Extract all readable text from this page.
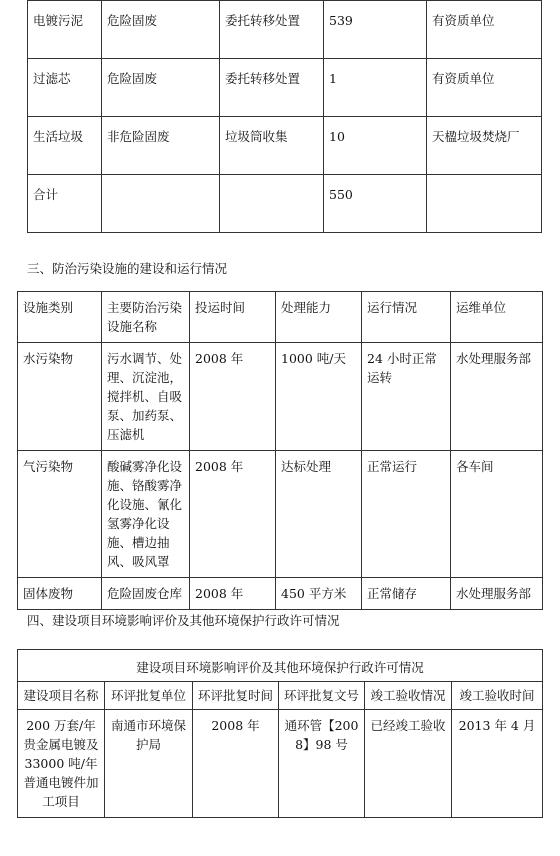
电镀污泥	危险固废	委托转移处置	539	有资质单位
过滤芯	危险固废	委托转移处置	1	有资质单位
生活垃圾	非危险固废	垃圾筒收集	10	天楹垃圾焚烧厂
合计			550	
三、防治污染设施的建设和运行情况
设施类别	主要防治污染设施名称	投运时间	处理能力	运行情况	运维单位
水污染物	污水调节、处理、沉淀池，搅拌机、自吸泵、加药泵、压滤机	2008 年	1000 吨/天	24 小时正常运转	水处理服务部
气污染物	酸碱雾净化设施、铬酸雾净化设施、氰化氢雾净化设施、槽边抽风、吸风罩	2008 年	达标处理	正常运行	各车间
固体废物	危险固废仓库	2008 年	450 平方米	正常储存	水处理服务部
四、建设项目环境影响评价及其他环境保护行政许可情况
建设项目环境影响评价及其他环境保护行政许可情况					
建设项目名称	环评批复单位	环评批复时间	环评批复文号	竣工验收情况	竣工验收时间
200 万套/年贵金属电镀及 33000 吨/年普通电镀件加工项目	南通市环境保护局	2008 年	通环管【2008】98 号	已经竣工验收	2013 年 4 月
